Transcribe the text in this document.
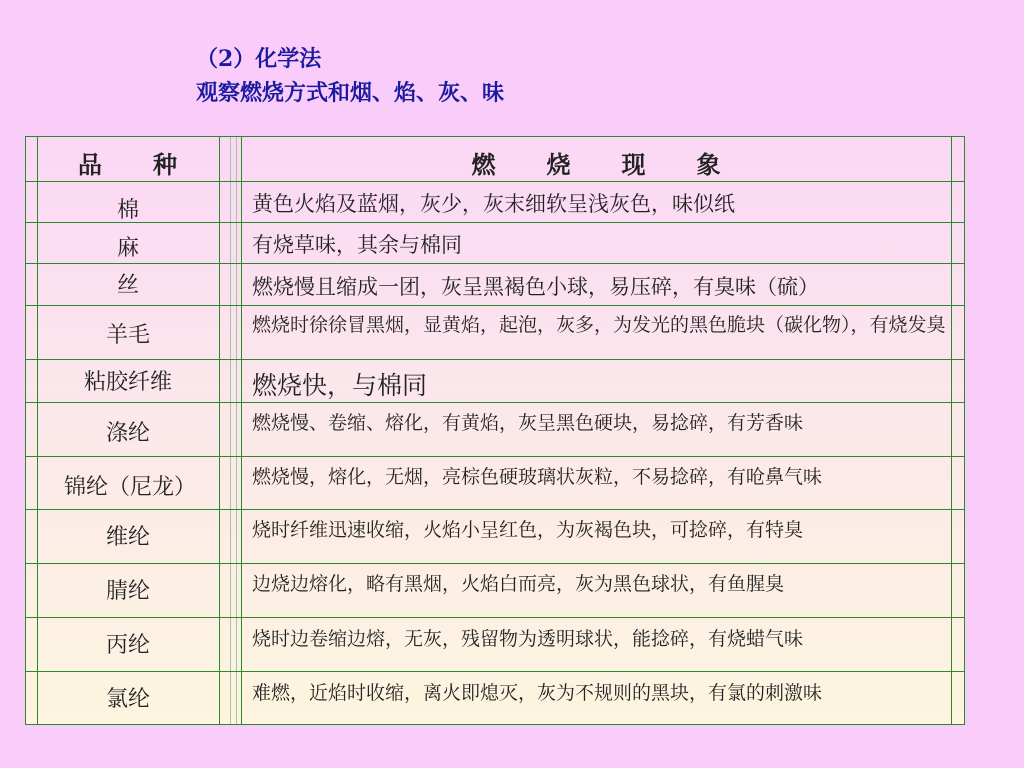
（2）化学法
观察燃烧方式和烟、焰、灰、味
品　　种	燃　　烧　　现　　象
棉	黄色火焰及蓝烟，灰少，灰末细软呈浅灰色，味似纸
麻	有烧草味，其余与棉同
丝	燃烧慢且缩成一团，灰呈黑褐色小球，易压碎，有臭味（硫）
羊毛	燃烧时徐徐冒黑烟，显黄焰，起泡，灰多，为发光的黑色脆块（碳化物），有烧发臭
粘胶纤维	燃烧快，与棉同
涤纶	燃烧慢、卷缩、熔化，有黄焰，灰呈黑色硬块，易捻碎，有芳香味
锦纶（尼龙）	燃烧慢，熔化，无烟，亮棕色硬玻璃状灰粒，不易捻碎，有呛鼻气味
维纶	烧时纤维迅速收缩，火焰小呈红色，为灰褐色块，可捻碎，有特臭
腈纶	边烧边熔化，略有黑烟，火焰白而亮，灰为黑色球状，有鱼腥臭
丙纶	烧时边卷缩边熔，无灰，残留物为透明球状，能捻碎，有烧蜡气味
氯纶	难燃，近焰时收缩，离火即熄灭，灰为不规则的黑块，有氯的刺激味
